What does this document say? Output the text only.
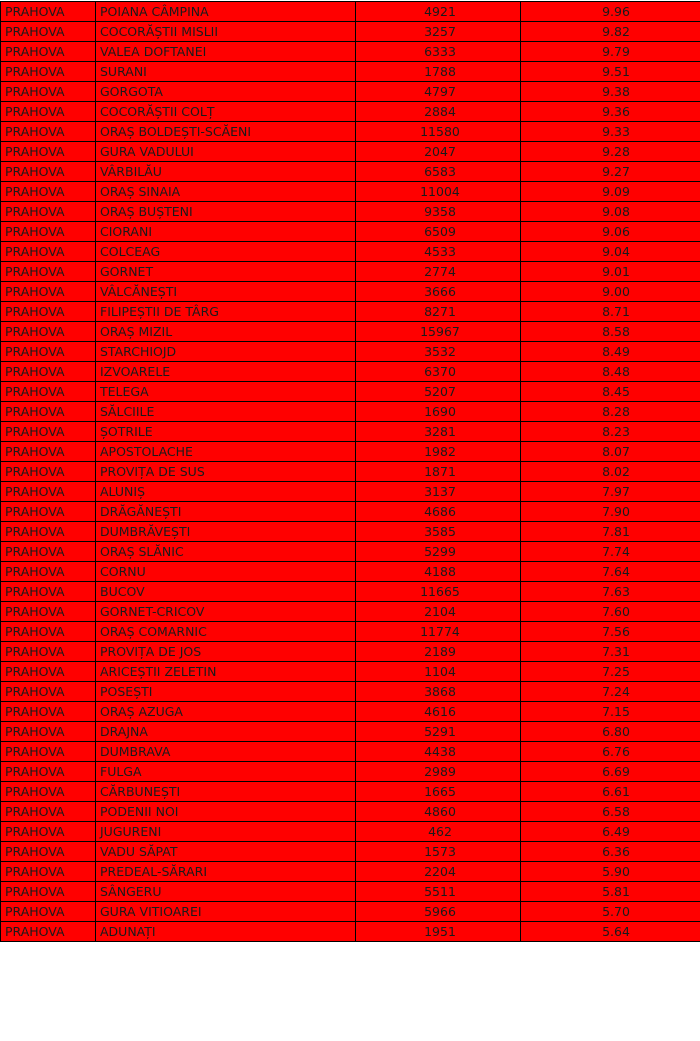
PRAHOVA	POIANA CÂMPINA	4921	9.96
PRAHOVA	COCORĂȘTII MISLII	3257	9.82
PRAHOVA	VALEA DOFTANEI	6333	9.79
PRAHOVA	SURANI	1788	9.51
PRAHOVA	GORGOTA	4797	9.38
PRAHOVA	COCORĂȘTII COLȚ	2884	9.36
PRAHOVA	ORAȘ BOLDEȘTI-SCĂENI	11580	9.33
PRAHOVA	GURA VADULUI	2047	9.28
PRAHOVA	VÂRBILĂU	6583	9.27
PRAHOVA	ORAȘ SINAIA	11004	9.09
PRAHOVA	ORAȘ BUȘTENI	9358	9.08
PRAHOVA	CIORANI	6509	9.06
PRAHOVA	COLCEAG	4533	9.04
PRAHOVA	GORNET	2774	9.01
PRAHOVA	VÂLCĂNEȘTI	3666	9.00
PRAHOVA	FILIPEȘTII DE TÂRG	8271	8.71
PRAHOVA	ORAȘ MIZIL	15967	8.58
PRAHOVA	STARCHIOJD	3532	8.49
PRAHOVA	IZVOARELE	6370	8.48
PRAHOVA	TELEGA	5207	8.45
PRAHOVA	SĂLCIILE	1690	8.28
PRAHOVA	ȘOTRILE	3281	8.23
PRAHOVA	APOSTOLACHE	1982	8.07
PRAHOVA	PROVIȚA DE SUS	1871	8.02
PRAHOVA	ALUNIȘ	3137	7.97
PRAHOVA	DRĂGĂNEȘTI	4686	7.90
PRAHOVA	DUMBRĂVEȘTI	3585	7.81
PRAHOVA	ORAȘ SLĂNIC	5299	7.74
PRAHOVA	CORNU	4188	7.64
PRAHOVA	BUCOV	11665	7.63
PRAHOVA	GORNET-CRICOV	2104	7.60
PRAHOVA	ORAȘ COMARNIC	11774	7.56
PRAHOVA	PROVIȚA DE JOS	2189	7.31
PRAHOVA	ARICEȘTII ZELETIN	1104	7.25
PRAHOVA	POSEȘTI	3868	7.24
PRAHOVA	ORAȘ AZUGA	4616	7.15
PRAHOVA	DRAJNA	5291	6.80
PRAHOVA	DUMBRAVA	4438	6.76
PRAHOVA	FULGA	2989	6.69
PRAHOVA	CĂRBUNEȘTI	1665	6.61
PRAHOVA	PODENII NOI	4860	6.58
PRAHOVA	JUGURENI	462	6.49
PRAHOVA	VADU SĂPAT	1573	6.36
PRAHOVA	PREDEAL-SĂRARI	2204	5.90
PRAHOVA	SÂNGERU	5511	5.81
PRAHOVA	GURA VITIOAREI	5966	5.70
PRAHOVA	ADUNAȚI	1951	5.64
